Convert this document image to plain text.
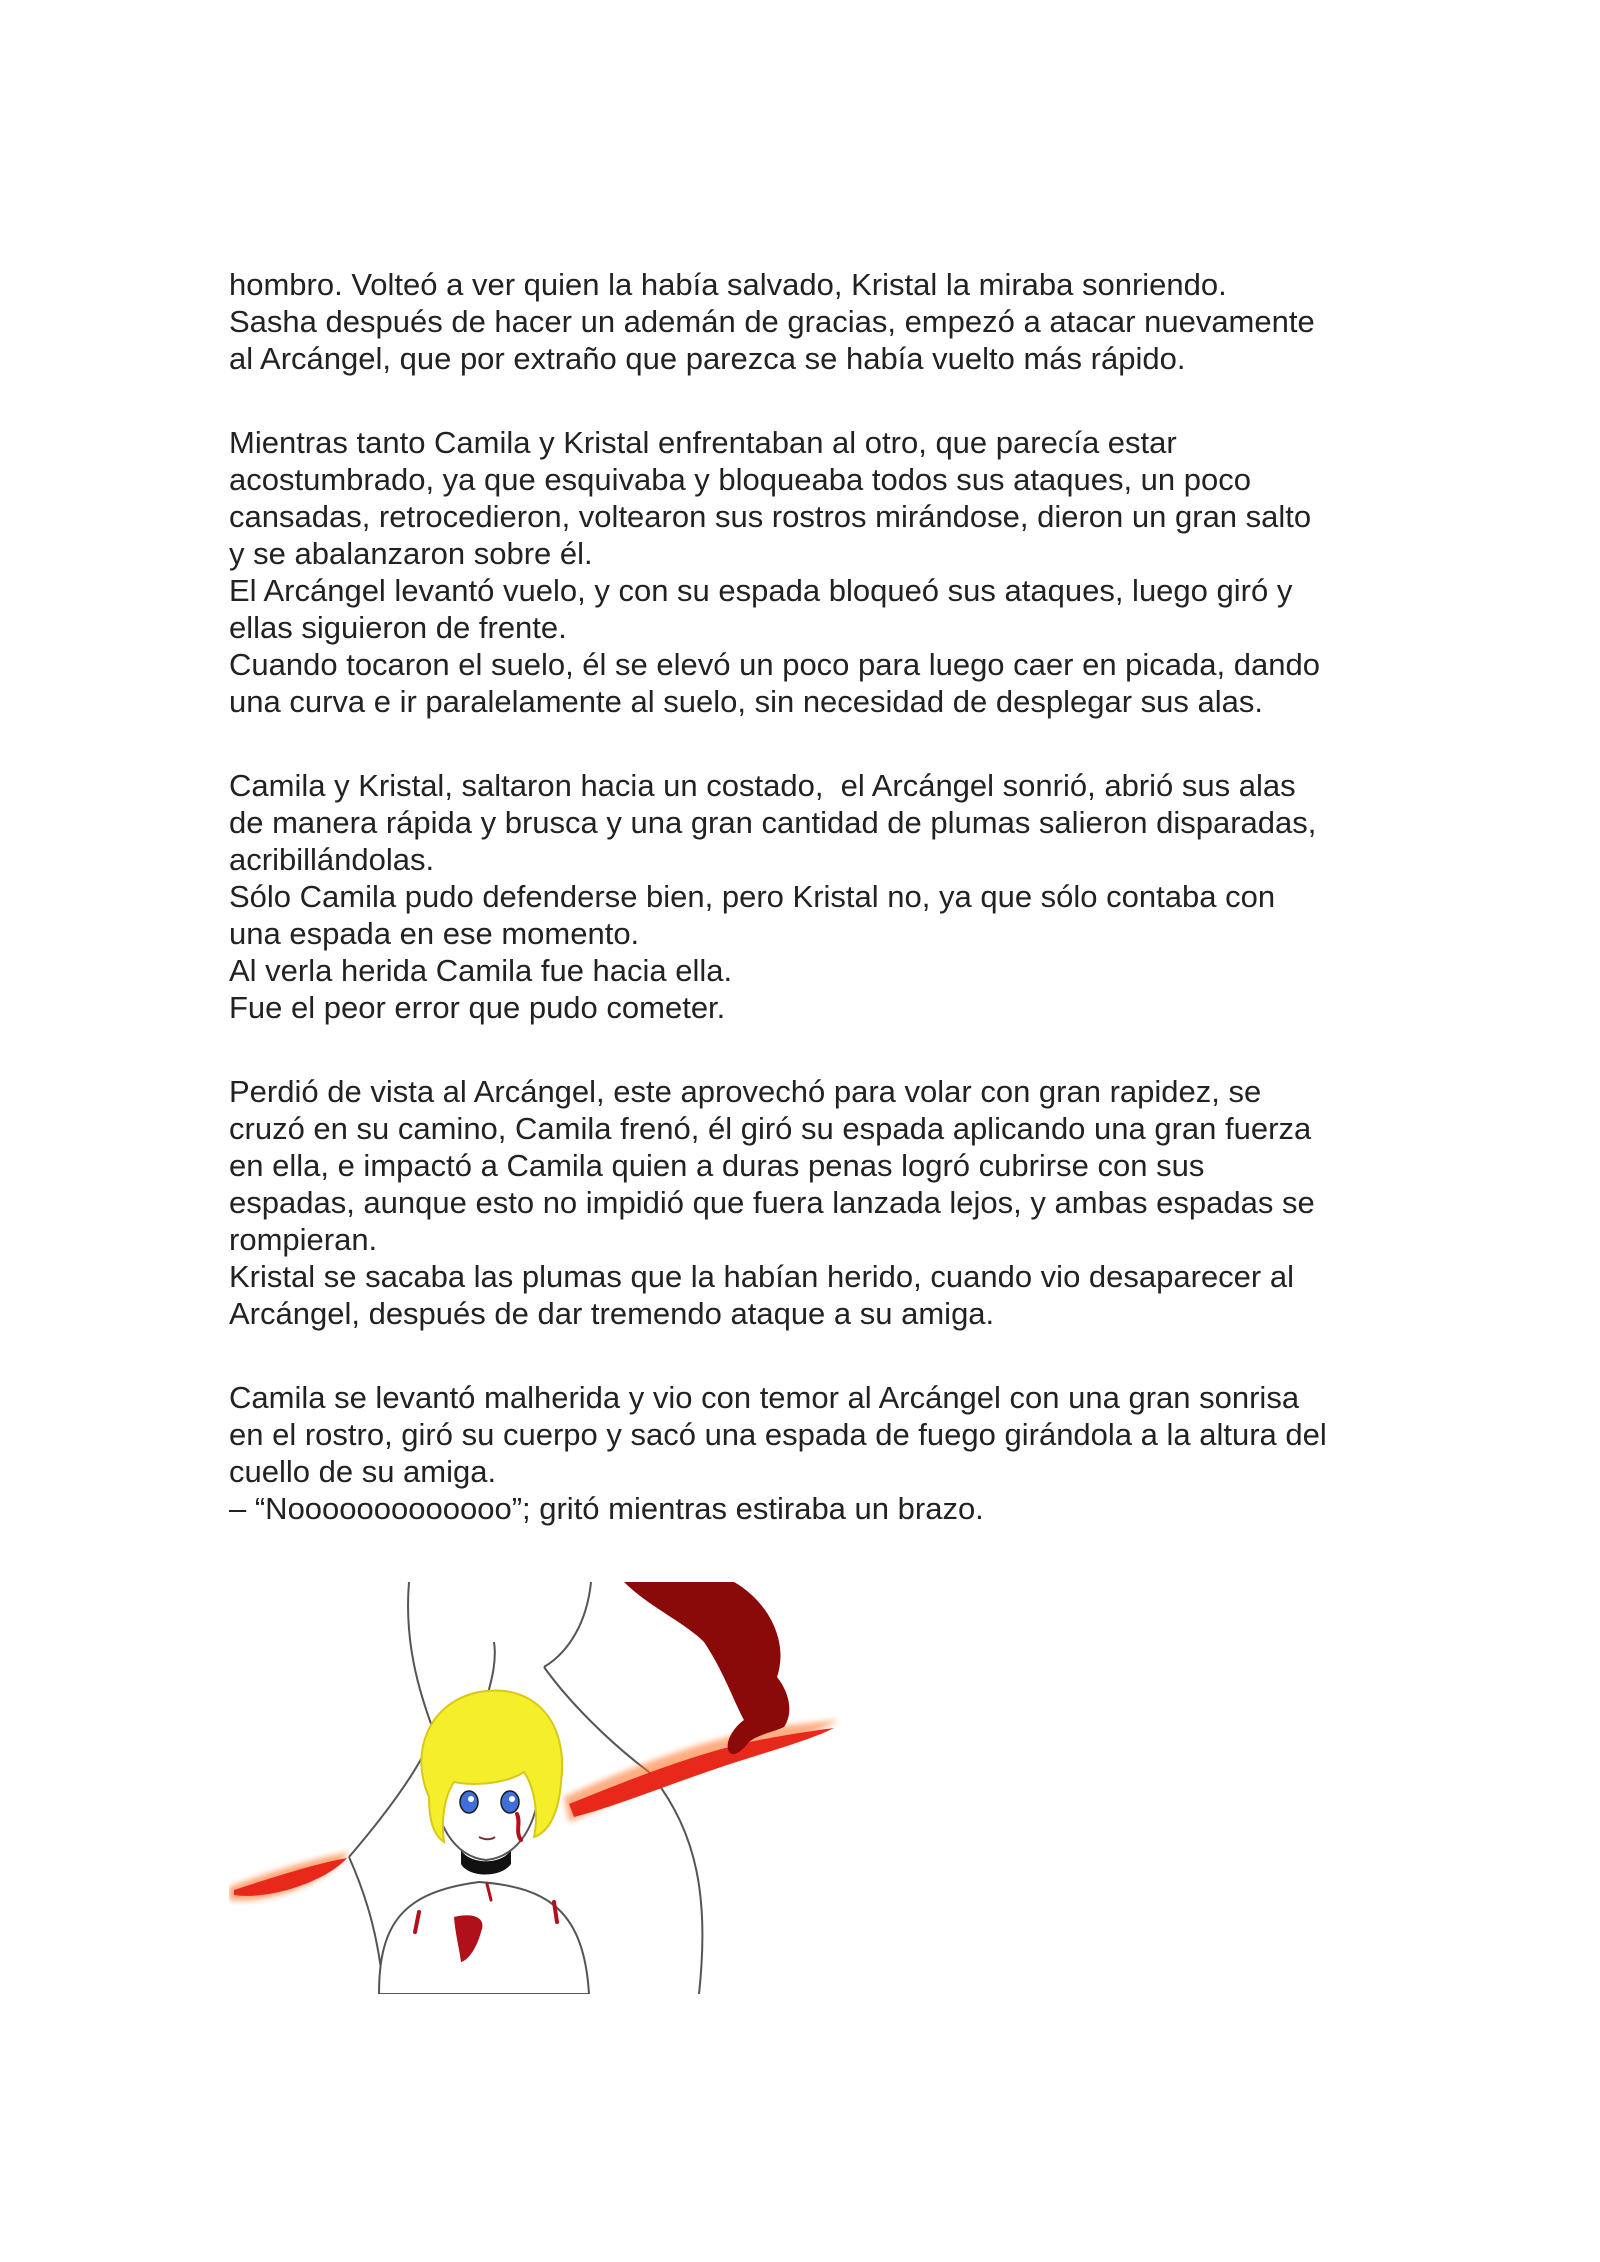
hombro. Volteó a ver quien la había salvado, Kristal la miraba sonriendo.
Sasha después de hacer un ademán de gracias, empezó a atacar nuevamente
al Arcángel, que por extraño que parezca se había vuelto más rápido.
Mientras tanto Camila y Kristal enfrentaban al otro, que parecía estar
acostumbrado, ya que esquivaba y bloqueaba todos sus ataques, un poco
cansadas, retrocedieron, voltearon sus rostros mirándose, dieron un gran salto
y se abalanzaron sobre él.
El Arcángel levantó vuelo, y con su espada bloqueó sus ataques, luego giró y
ellas siguieron de frente.
Cuando tocaron el suelo, él se elevó un poco para luego caer en picada, dando
una curva e ir paralelamente al suelo, sin necesidad de desplegar sus alas.
Camila y Kristal, saltaron hacia un costado,  el Arcángel sonrió, abrió sus alas
de manera rápida y brusca y una gran cantidad de plumas salieron disparadas,
acribillándolas.
Sólo Camila pudo defenderse bien, pero Kristal no, ya que sólo contaba con
una espada en ese momento.
Al verla herida Camila fue hacia ella.
Fue el peor error que pudo cometer.
Perdió de vista al Arcángel, este aprovechó para volar con gran rapidez, se
cruzó en su camino, Camila frenó, él giró su espada aplicando una gran fuerza
en ella, e impactó a Camila quien a duras penas logró cubrirse con sus
espadas, aunque esto no impidió que fuera lanzada lejos, y ambas espadas se
rompieran.
Kristal se sacaba las plumas que la habían herido, cuando vio desaparecer al
Arcángel, después de dar tremendo ataque a su amiga.
Camila se levantó malherida y vio con temor al Arcángel con una gran sonrisa
en el rostro, giró su cuerpo y sacó una espada de fuego girándola a la altura del
cuello de su amiga.
– “Nooooooooooooo”; gritó mientras estiraba un brazo.
